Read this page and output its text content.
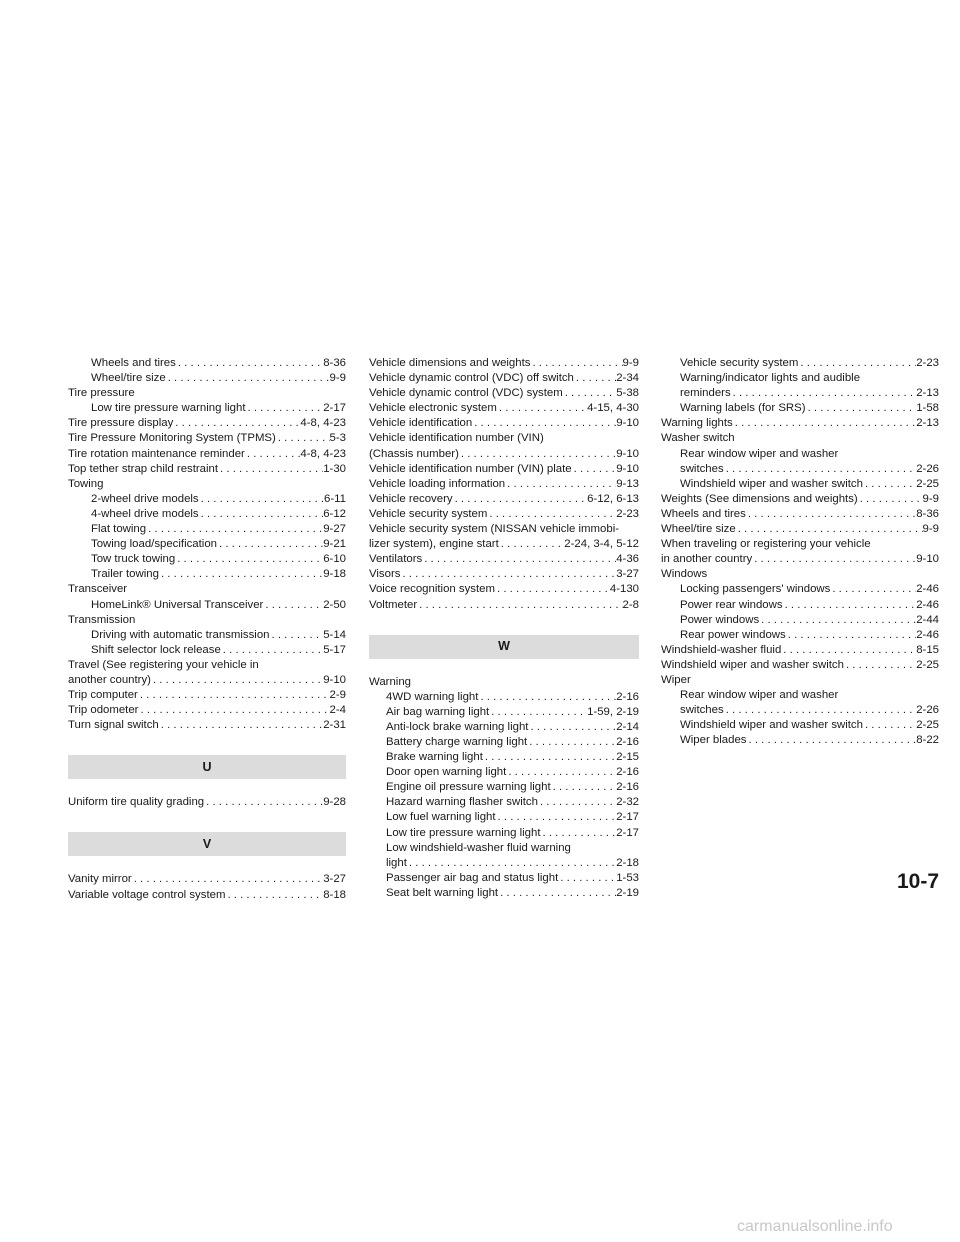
Wheels and tires . . .	8-36
Wheel/tire size . . .	9-9
Tire pressure
Low tire pressure warning light . . .	2-17
Tire pressure display . . .	4-8, 4-23
Tire Pressure Monitoring System (TPMS) . . .	5-3
Tire rotation maintenance reminder . . .	4-8, 4-23
Top tether strap child restraint . . .	1-30
Towing
2-wheel drive models . . .	6-11
4-wheel drive models . . .	6-12
Flat towing . . .	9-27
Towing load/specification . . .	9-21
Tow truck towing . . .	6-10
Trailer towing . . .	9-18
Transceiver
HomeLink® Universal Transceiver . . .	2-50
Transmission
Driving with automatic transmission . . .	5-14
Shift selector lock release . . .	5-17
Travel (See registering your vehicle in
another country) . . .	9-10
Trip computer . . .	2-9
Trip odometer . . .	2-4
Turn signal switch . . .	2-31
U
Uniform tire quality grading . . .	9-28
V
Vanity mirror . . .	3-27
Variable voltage control system . . .	8-18
Vehicle dimensions and weights . . .	9-9
Vehicle dynamic control (VDC) off switch . . .	2-34
Vehicle dynamic control (VDC) system . . .	5-38
Vehicle electronic system . . .	4-15, 4-30
Vehicle identification . . .	9-10
Vehicle identification number (VIN)
(Chassis number) . . .	9-10
Vehicle identification number (VIN) plate . . .	9-10
Vehicle loading information . . .	9-13
Vehicle recovery . . .	6-12, 6-13
Vehicle security system . . .	2-23
Vehicle security system (NISSAN vehicle immobi-
lizer system), engine start . . .	2-24, 3-4, 5-12
Ventilators . . .	4-36
Visors . . .	3-27
Voice recognition system . . .	4-130
Voltmeter . . .	2-8
W
Warning
4WD warning light . . .	2-16
Air bag warning light . . .	1-59, 2-19
Anti-lock brake warning light . . .	2-14
Battery charge warning light . . .	2-16
Brake warning light . . .	2-15
Door open warning light . . .	2-16
Engine oil pressure warning light . . .	2-16
Hazard warning flasher switch . . .	2-32
Low fuel warning light . . .	2-17
Low tire pressure warning light . . .	2-17
Low windshield-washer fluid warning
light . . .	2-18
Passenger air bag and status light . . .	1-53
Seat belt warning light . . .	2-19
Vehicle security system . . .	2-23
Warning/indicator lights and audible
reminders . . .	2-13
Warning labels (for SRS) . . .	1-58
Warning lights . . .	2-13
Washer switch
Rear window wiper and washer
switches . . .	2-26
Windshield wiper and washer switch . . .	2-25
Weights (See dimensions and weights) . . .	9-9
Wheels and tires . . .	8-36
Wheel/tire size . . .	9-9
When traveling or registering your vehicle
in another country . . .	9-10
Windows
Locking passengers' windows . . .	2-46
Power rear windows . . .	2-46
Power windows . . .	2-44
Rear power windows . . .	2-46
Windshield-washer fluid . . .	8-15
Windshield wiper and washer switch . . .	2-25
Wiper
Rear window wiper and washer
switches . . .	2-26
Windshield wiper and washer switch . . .	2-25
Wiper blades . . .	8-22
10-7
carmanualsonline.info
